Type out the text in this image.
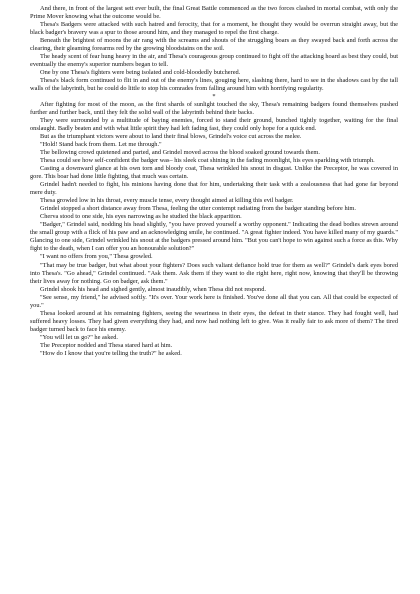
And there, in front of the largest sett ever built, the final Great Battle commenced as the two forces clashed in mortal combat, with only the Prime Mover knowing what the outcome would be.

Thesa's Badgers were attacked with such hatred and ferocity, that for a moment, he thought they would be overrun straight away, but the black badger's bravery was a spur to those around him, and they managed to repel the first charge.

Beneath the brightest of moons the air rang with the screams and shouts of the struggling boars as they swayed back and forth across the clearing, their gleaming forearms red by the growing bloodstains on the soil.

The heady scent of fear hung heavy in the air, and Thesa's courageous group continued to fight off the attacking hoard as best they could, but eventually the enemy's superior numbers began to tell.

One by one Thesa's fighters were being isolated and cold-bloodedly butchered.

Thesa's black form continued to flit in and out of the enemy's lines, gouging here, slashing there, hard to see in the shadows cast by the tall walls of the labyrinth, but he could do little to stop his comrades from falling around him with horrifying regularity.

*

After fighting for most of the moon, as the first shards of sunlight touched the sky, Thesa's remaining badgers found themselves pushed further and further back, until they felt the solid wall of the labyrinth behind their backs.

They were surrounded by a multitude of baying enemies, forced to stand their ground, bunched tightly together, waiting for the final onslaught. Badly beaten and with what little spirit they had left fading fast, they could only hope for a quick end.

But as the triumphant victors were about to land their final blows, Grindel's voice cut across the melee.

"Hold! Stand back from them. Let me through."

The bellowing crowd quietened and parted, and Grindel moved across the blood soaked ground towards them.

Thesa could see how self-confident the badger was– his sleek coat shining in the fading moonlight, his eyes sparkling with triumph.

Casting a downward glance at his own torn and bloody coat, Thesa wrinkled his snout in disgust. Unlike the Preceptor, he was covered in gore. This boar had done little fighting, that much was certain.

Grindel hadn't needed to fight, his minions having done that for him, undertaking their task with a zealousness that had gone far beyond mere duty.

Thesa growled low in his throat, every muscle tense, every thought aimed at killing this evil badger.

Grindel stopped a short distance away from Thesa, feeling the utter contempt radiating from the badger standing before him.

Cherva stood to one side, his eyes narrowing as he studied the black apparition.

"Badger," Grindel said, nodding his head slightly, "you have proved yourself a worthy opponent." Indicating the dead bodies strewn around the small group with a flick of his paw and an acknowledging smile, he continued. "A great fighter indeed. You have killed many of my guards." Glancing to one side, Grindel wrinkled his snout at the badgers pressed around him. "But you can't hope to win against such a force as this. Why fight to the death, when I can offer you an honourable solution?"

"I want no offers from you," Thesa growled.

"That may be true badger, but what about your fighters? Does such valiant defiance hold true for them as well?" Grindel's dark eyes bored into Thesa's. "Go ahead," Grindel continued. "Ask them. Ask them if they want to die right here, right now, knowing that they'll be throwing their lives away for nothing. Go on badger, ask them."

Grindel shook his head and sighed gently, almost inaudibly, when Thesa did not respond.

"See sense, my friend," he advised softly. "It's over. Your work here is finished. You've done all that you can. All that could be expected of you."

Thesa looked around at his remaining fighters, seeing the weariness in their eyes, the defeat in their stance. They had fought well, had suffered heavy losses. They had given everything they had, and now had nothing left to give. Was it really fair to ask more of them? The tired badger turned back to face his enemy.

"You will let us go?" he asked.

The Preceptor nodded and Thesa stared hard at him.

"How do I know that you're telling the truth?" he asked.
